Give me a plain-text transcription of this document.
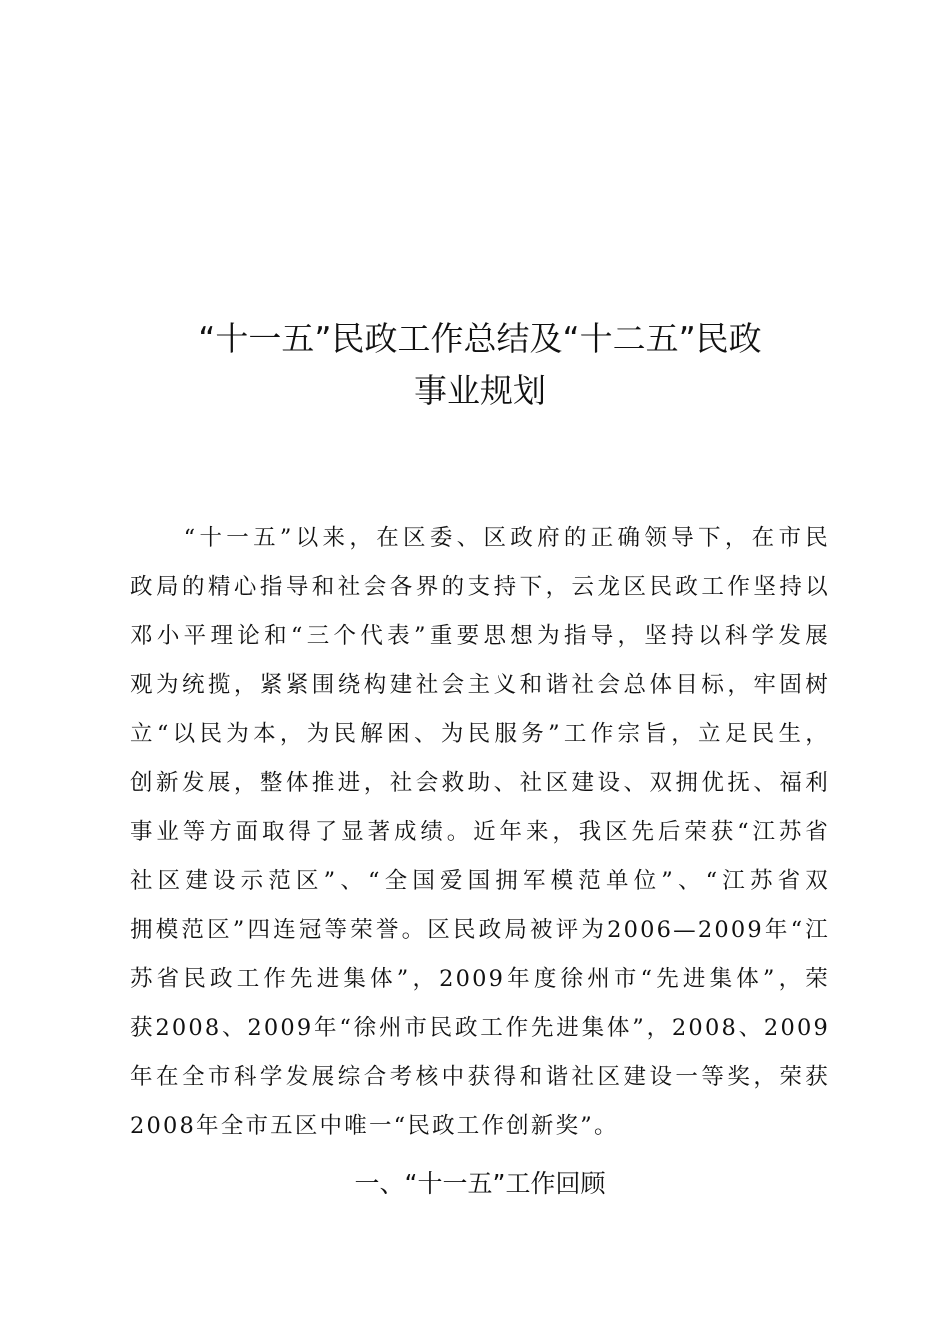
“十一五”民政工作总结及“十二五”民政
事业规划
　　“十一五”以来，在区委、区政府的正确领导下，在市民
政局的精心指导和社会各界的支持下，云龙区民政工作坚持以
邓小平理论和“三个代表”重要思想为指导，坚持以科学发展
观为统揽，紧紧围绕构建社会主义和谐社会总体目标，牢固树
立“以民为本，为民解困、为民服务”工作宗旨，立足民生，
创新发展，整体推进，社会救助、社区建设、双拥优抚、福利
事业等方面取得了显著成绩。近年来，我区先后荣获“江苏省
社区建设示范区”、“全国爱国拥军模范单位”、“江苏省双
拥模范区”四连冠等荣誉。区民政局被评为2006—2009年“江
苏省民政工作先进集体”，2009年度徐州市“先进集体”，荣
获2008、2009年“徐州市民政工作先进集体”，2008、2009
年在全市科学发展综合考核中获得和谐社区建设一等奖，荣获
2008年全市五区中唯一“民政工作创新奖”。
一、“十一五”工作回顾
